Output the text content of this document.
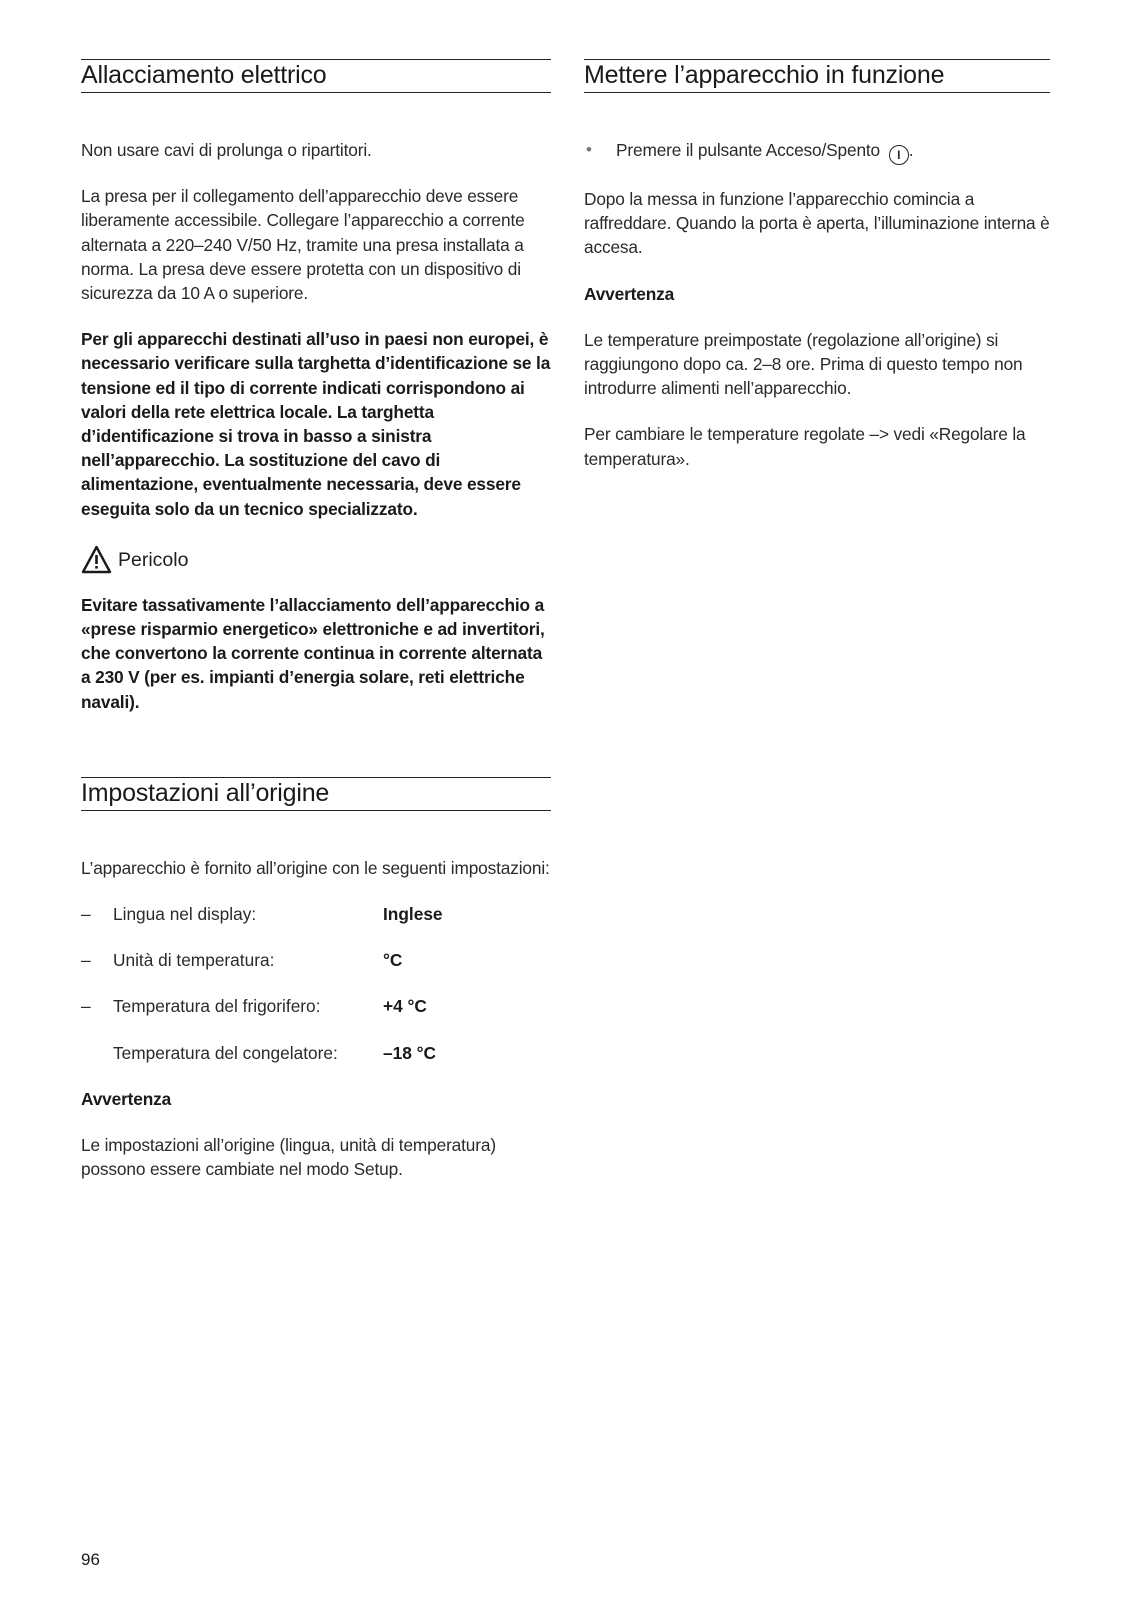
Allacciamento elettrico

Non usare cavi di prolunga o ripartitori.

La presa per il collegamento dell’apparecchio deve essere liberamente accessibile. Collegare l’apparecchio a corrente alternata a 220–240 V/50 Hz, tramite una presa installata a norma. La presa deve essere protetta con un dispositivo di sicurezza da 10 A o superiore.

Per gli apparecchi destinati all’uso in paesi non europei, è necessario verificare sulla targhetta d’identificazione se la tensione ed il tipo di corrente indicati corrispondono ai valori della rete elettrica locale. La targhetta d’identificazione si trova in basso a sinistra nell’apparecchio. La sostituzione del cavo di alimentazione, eventualmente necessaria, deve essere eseguita solo da un tecnico specializzato.

Pericolo

Evitare tassativamente l’allacciamento dell’apparecchio a «prese risparmio energetico» elettroniche e ad invertitori, che convertono la corrente continua in corrente alternata a 230 V (per es. impianti d’energia solare, reti elettriche navali).

Impostazioni all’origine

L’apparecchio è fornito all’origine con le seguenti impostazioni:

–	Lingua nel display:	Inglese
–	Unità di temperatura:	°C
–	Temperatura del frigorifero:	+4 °C
Temperatura del congelatore:	–18 °C

Avvertenza

Le impostazioni all’origine (lingua, unità di temperatura) possono essere cambiate nel modo Setup.

Mettere l’apparecchio in funzione

• Premere il pulsante Acceso/Spento I .

Dopo la messa in funzione l’apparecchio comincia a raffreddare. Quando la porta è aperta, l’illuminazione interna è accesa.

Avvertenza

Le temperature preimpostate (regolazione all’origine) si raggiungono dopo ca. 2–8 ore. Prima di questo tempo non introdurre alimenti nell’apparecchio.

Per cambiare le temperature regolate –> vedi «Regolare la temperatura».

96
